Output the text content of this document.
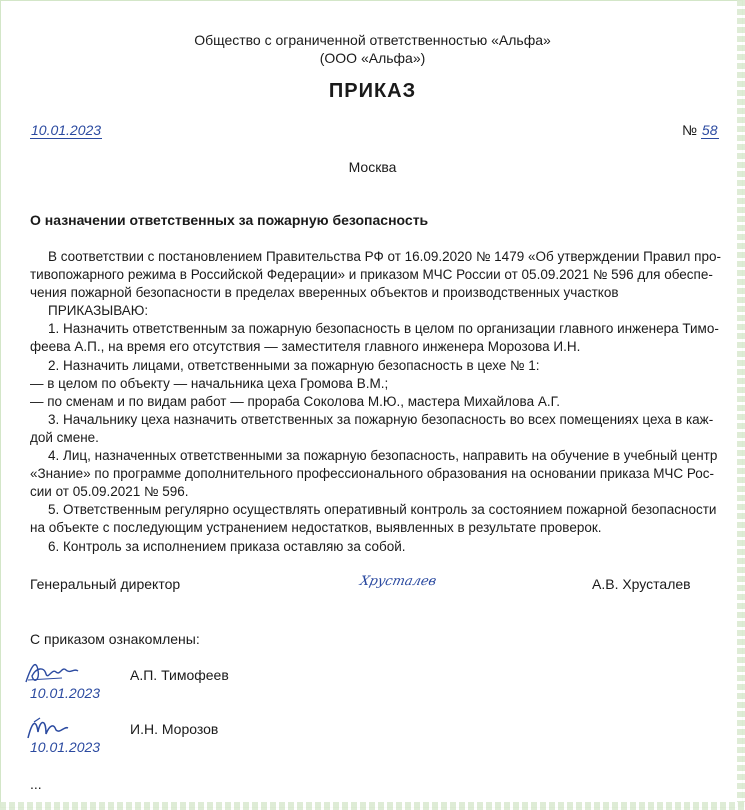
Общество с ограниченной ответственностью «Альфа»
(ООО «Альфа»)
ПРИКАЗ
10.01.2023	№ 58
Москва
О назначении ответственных за пожарную безопасность
В соответствии с постановлением Правительства РФ от 16.09.2020 № 1479 «Об утверждении Правил про-
тивопожарного режима в Российской Федерации» и приказом МЧС России от 05.09.2021 № 596 для обеспе-
чения пожарной безопасности в пределах вверенных объектов и производственных участков
ПРИКАЗЫВАЮ:
1. Назначить ответственным за пожарную безопасность в целом по организации главного инженера Тимо-
феева А.П., на время его отсутствия — заместителя главного инженера Морозова И.Н.
2. Назначить лицами, ответственными за пожарную безопасность в цехе № 1:
— в целом по объекту — начальника цеха Громова В.М.;
— по сменам и по видам работ — прораба Соколова М.Ю., мастера Михайлова А.Г.
3. Начальнику цеха назначить ответственных за пожарную безопасность во всех помещениях цеха в каж-
дой смене.
4. Лиц, назначенных ответственными за пожарную безопасность, направить на обучение в учебный центр
«Знание» по программе дополнительного профессионального образования на основании приказа МЧС Рос-
сии от 05.09.2021 № 596.
5. Ответственным регулярно осуществлять оперативный контроль за состоянием пожарной безопасности
на объекте с последующим устранением недостатков, выявленных в результате проверок.
6. Контроль за исполнением приказа оставляю за собой.
Генеральный директор	Хрусталев	А.В. Хрусталев
С приказом ознакомлены:
10.01.2023
А.П. Тимофеев
10.01.2023
И.Н. Морозов
...
